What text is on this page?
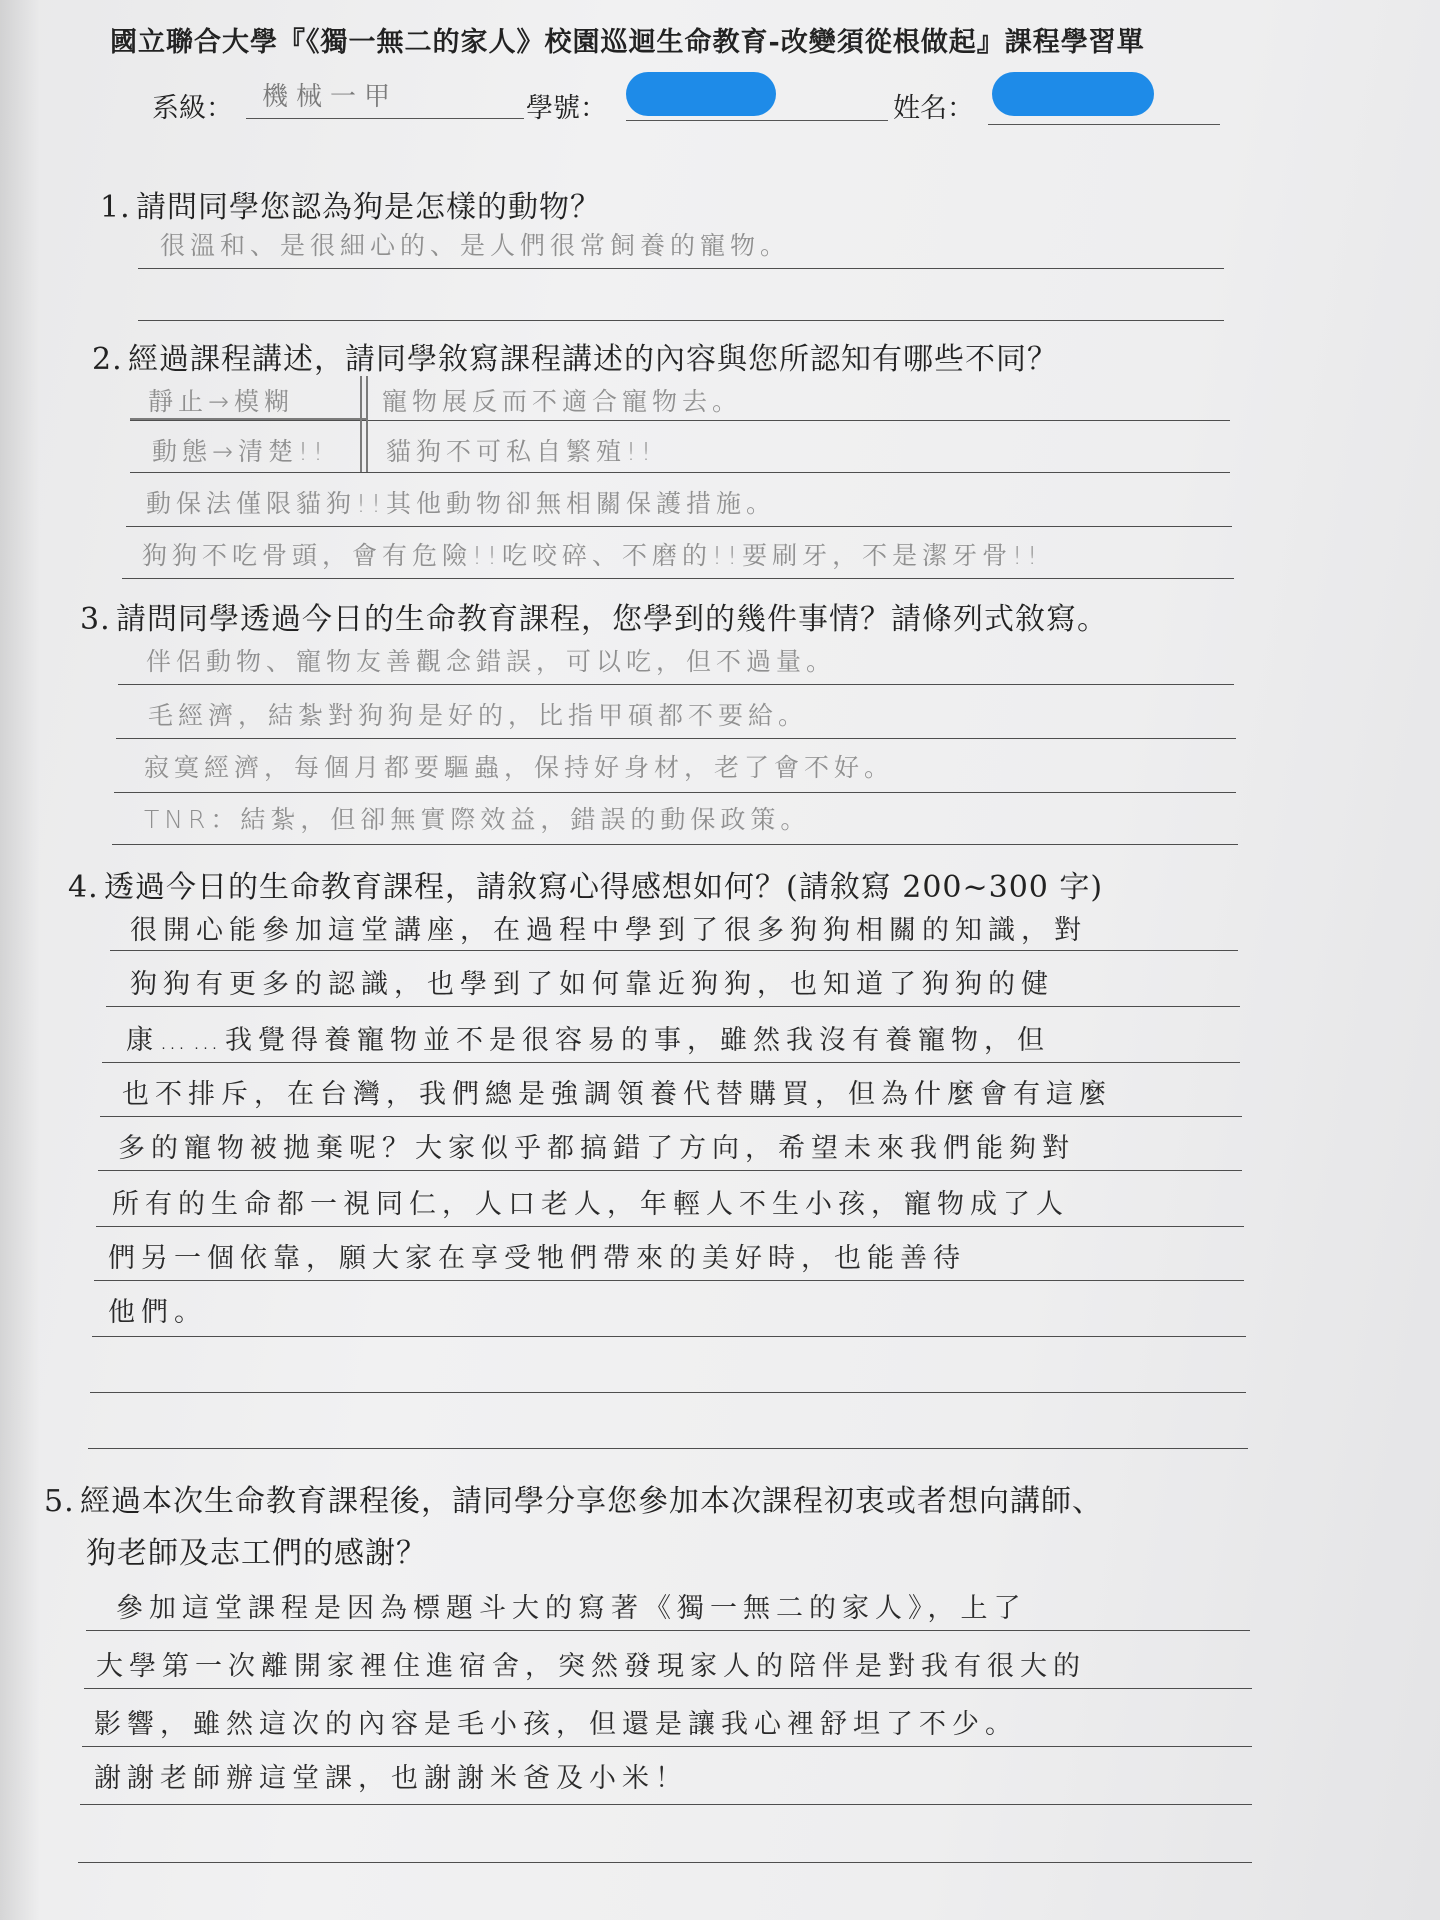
國立聯合大學『《獨一無二的家人》校園巡迴生命教育-改變須從根做起』課程學習單
系級： 機械一甲	學號：	姓名：
1. 請問同學您認為狗是怎樣的動物？
很溫和、是很細心的、是人們很常飼養的寵物。
2. 經過課程講述，請同學敘寫課程講述的內容與您所認知有哪些不同？
靜止→模糊	寵物展反而不適合寵物去。
動態→清楚!! 貓狗不可私自繁殖!!
動保法僅限貓狗!!其他動物卻無相關保護措施。
狗狗不吃骨頭，會有危險!!吃咬碎、不磨的!!要刷牙，不是潔牙骨!!
3. 請問同學透過今日的生命教育課程，您學到的幾件事情？請條列式敘寫。
伴侶動物、寵物友善觀念錯誤，可以吃，但不過量。
毛經濟，結紮對狗狗是好的，比指甲碩都不要給。
寂寞經濟，每個月都要驅蟲，保持好身材，老了會不好。
TNR：結紮，但卻無實際效益，錯誤的動保政策。
4. 透過今日的生命教育課程，請敘寫心得感想如何？(請敘寫 200~300 字)
很開心能參加這堂講座，在過程中學到了很多狗狗相關的知識，對
狗狗有更多的認識，也學到了如何靠近狗狗，也知道了狗狗的健
康……我覺得養寵物並不是很容易的事，雖然我沒有養寵物，但
也不排斥，在台灣，我們總是強調領養代替購買，但為什麼會有這麼
多的寵物被拋棄呢？大家似乎都搞錯了方向，希望未來我們能夠對
所有的生命都一視同仁，人口老人，年輕人不生小孩，寵物成了人
們另一個依靠，願大家在享受牠們帶來的美好時，也能善待
他們。
5. 經過本次生命教育課程後，請同學分享您參加本次課程初衷或者想向講師、
狗老師及志工們的感謝？
參加這堂課程是因為標題斗大的寫著《獨一無二的家人》，上了
大學第一次離開家裡住進宿舍，突然發現家人的陪伴是對我有很大的
影響，雖然這次的內容是毛小孩，但還是讓我心裡舒坦了不少。
謝謝老師辦這堂課，也謝謝米爸及小米！
